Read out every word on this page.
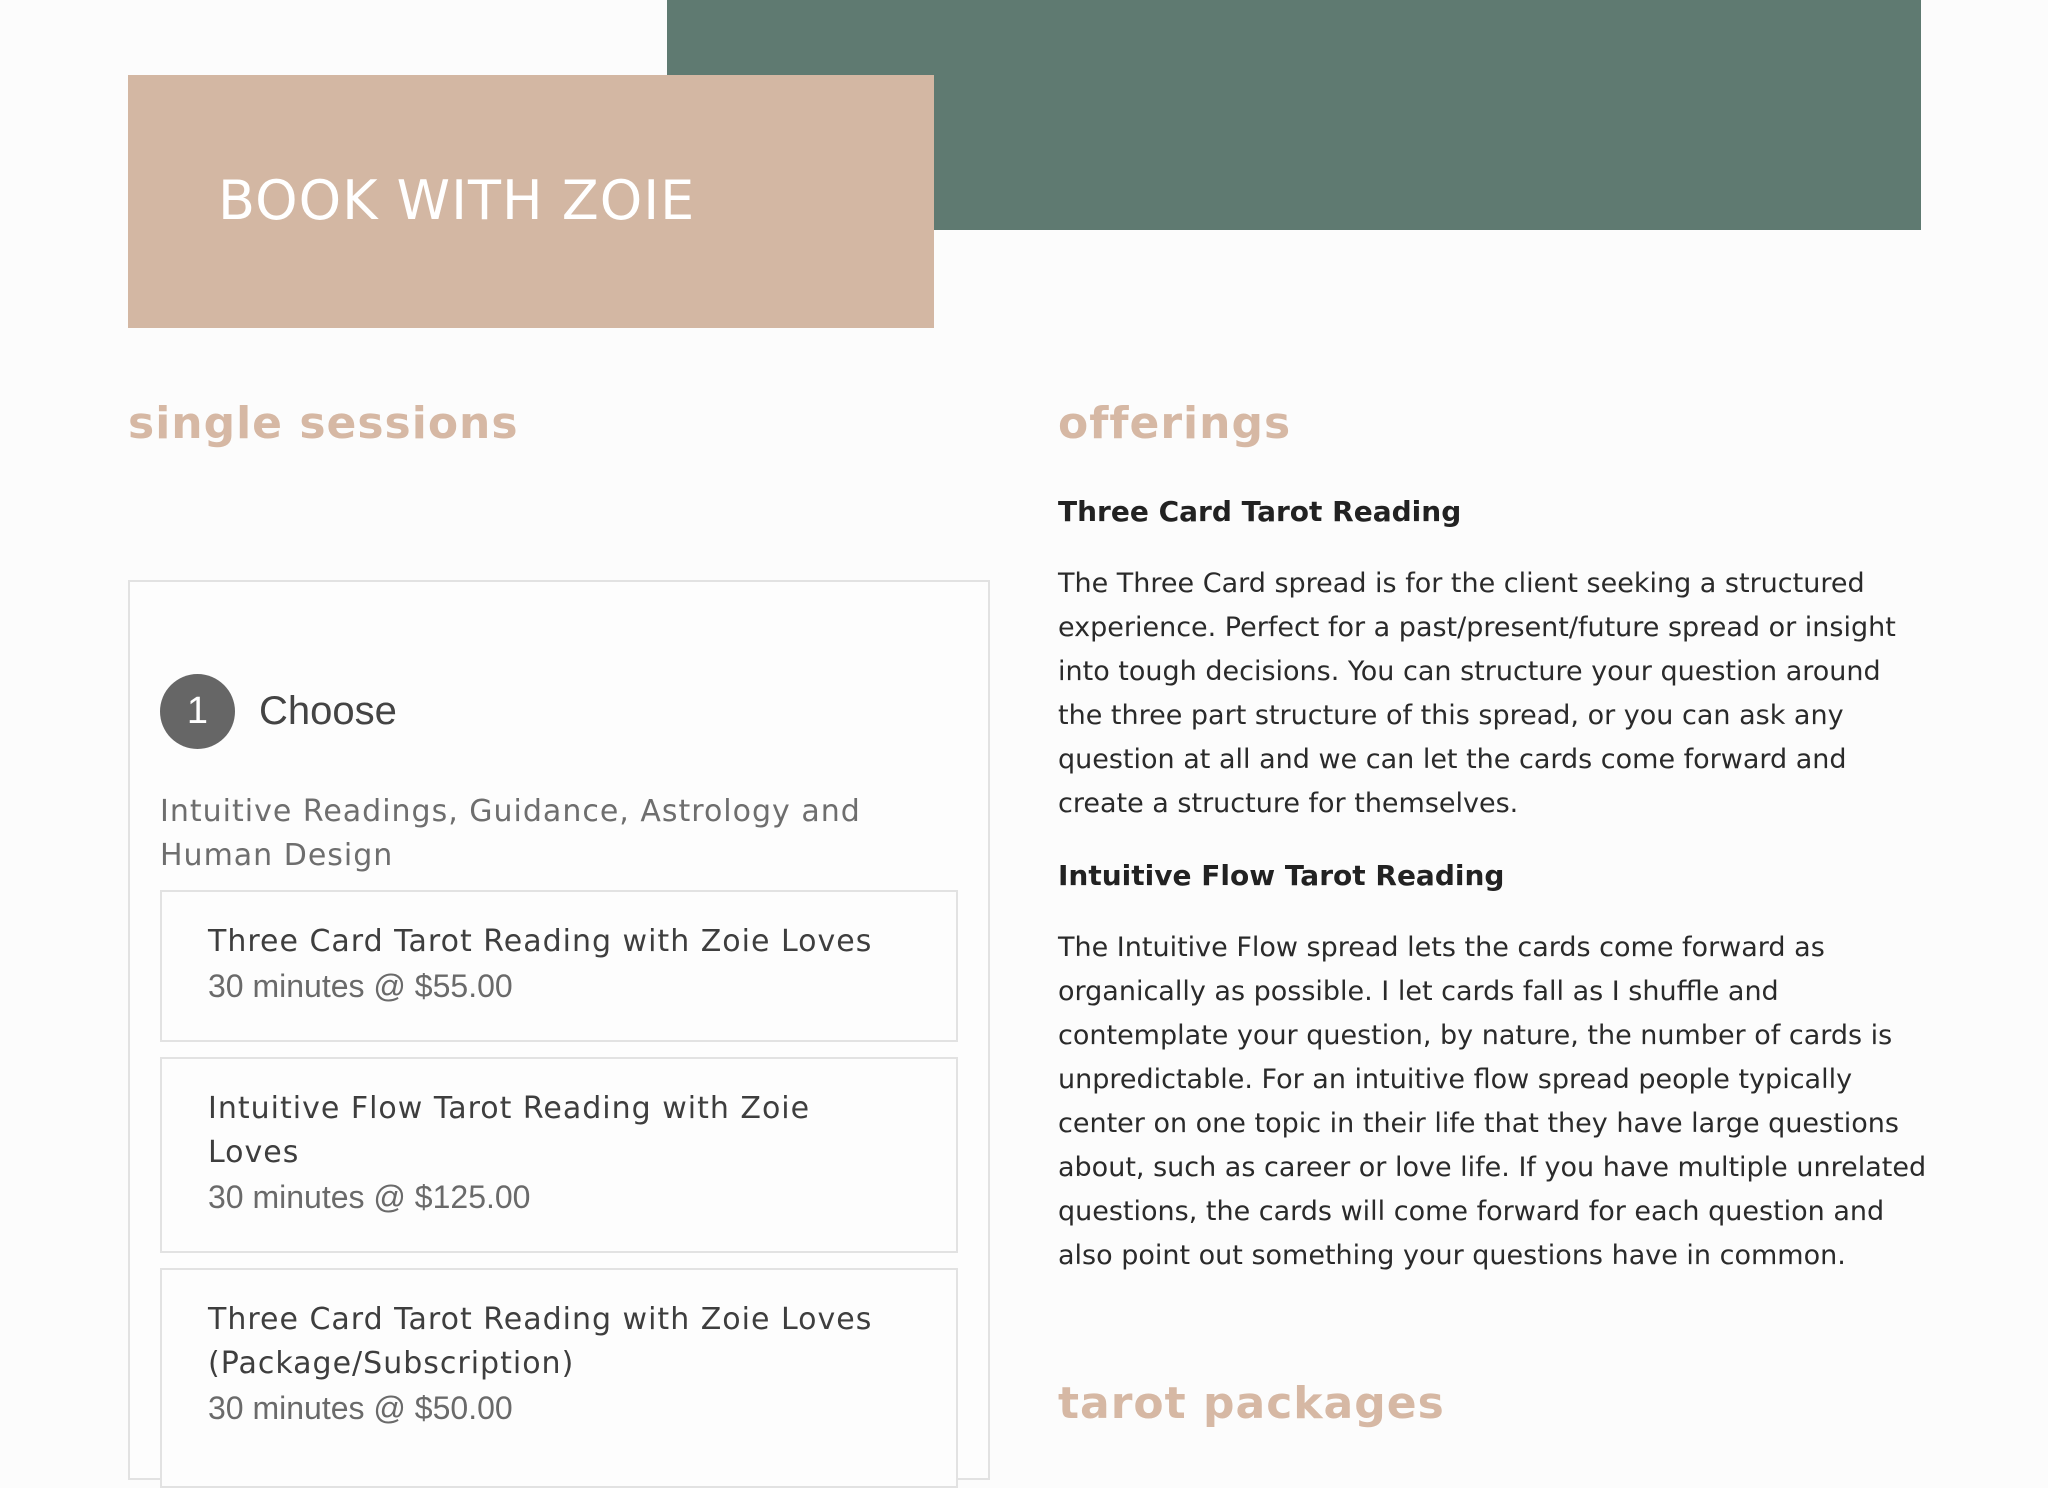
BOOK WITH ZOIE
single sessions	offerings
1	Choose
Intuitive Readings, Guidance, Astrology and Human Design
Three Card Tarot Reading with Zoie Loves
30 minutes @ $55.00
Intuitive Flow Tarot Reading with Zoie Loves
30 minutes @ $125.00
Three Card Tarot Reading with Zoie Loves (Package/Subscription)
30 minutes @ $50.00
Three Card Tarot Reading

The Three Card spread is for the client seeking a structured experience. Perfect for a past/present/future spread or insight into tough decisions. You can structure your question around the three part structure of this spread, or you can ask any question at all and we can let the cards come forward and create a structure for themselves.

Intuitive Flow Tarot Reading

The Intuitive Flow spread lets the cards come forward as organically as possible. I let cards fall as I shuffle and contemplate your question, by nature, the number of cards is unpredictable. For an intuitive flow spread people typically center on one topic in their life that they have large questions about, such as career or love life. If you have multiple unrelated questions, the cards will come forward for each question and also point out something your questions have in common.

tarot packages
